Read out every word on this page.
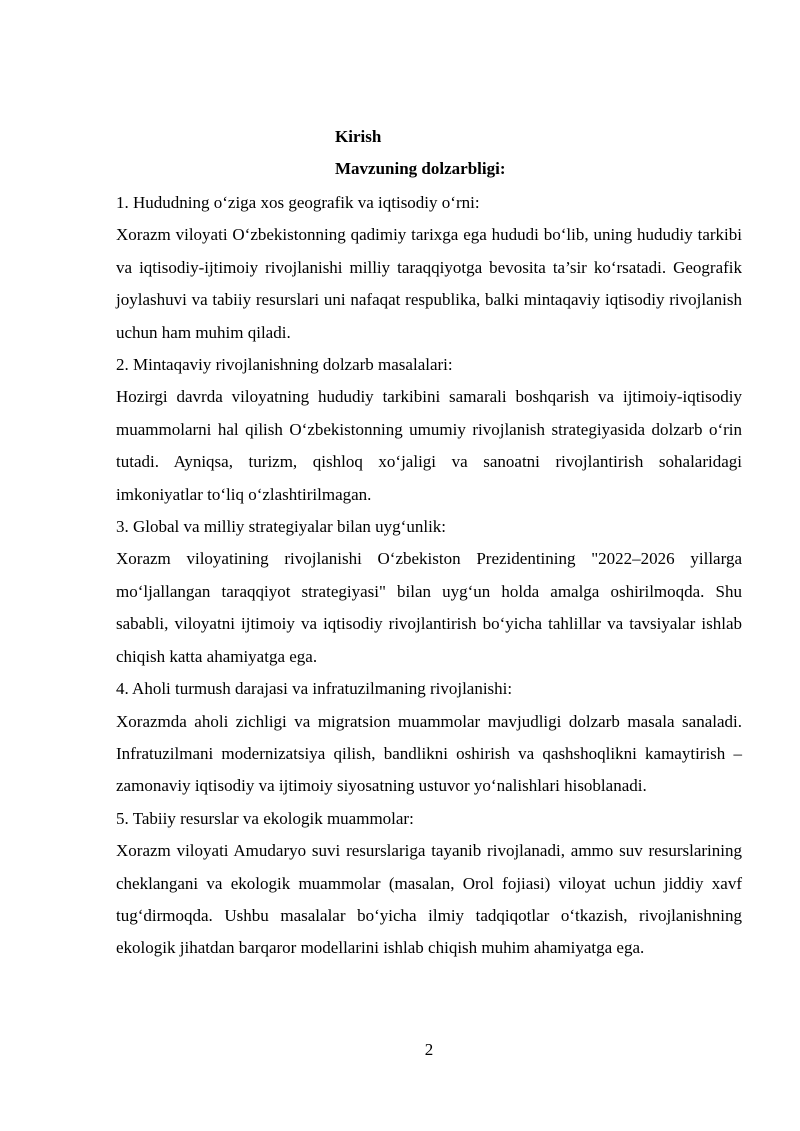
Kirish
Mavzuning dolzarbligi:

1. Hududning o‘ziga xos geografik va iqtisodiy o‘rni:

Xorazm viloyati O‘zbekistonning qadimiy tarixga ega hududi bo‘lib, uning hududiy tarkibi va iqtisodiy-ijtimoiy rivojlanishi milliy taraqqiyotga bevosita ta’sir ko‘rsatadi. Geografik joylashuvi va tabiiy resurslari uni nafaqat respublika, balki mintaqaviy iqtisodiy rivojlanish uchun ham muhim qiladi.

2. Mintaqaviy rivojlanishning dolzarb masalalari:

Hozirgi davrda viloyatning hududiy tarkibini samarali boshqarish va ijtimoiy-iqtisodiy muammolarni hal qilish O‘zbekistonning umumiy rivojlanish strategiyasida dolzarb o‘rin tutadi. Ayniqsa, turizm, qishloq xo‘jaligi va sanoatni rivojlantirish sohalaridagi imkoniyatlar to‘liq o‘zlashtirilmagan.

3. Global va milliy strategiyalar bilan uyg‘unlik:

Xorazm viloyatining rivojlanishi O‘zbekiston Prezidentining "2022–2026 yillarga mo‘ljallangan taraqqiyot strategiyasi" bilan uyg‘un holda amalga oshirilmoqda. Shu sababli, viloyatni ijtimoiy va iqtisodiy rivojlantirish bo‘yicha tahlillar va tavsiyalar ishlab chiqish katta ahamiyatga ega.

4. Aholi turmush darajasi va infratuzilmaning rivojlanishi:

Xorazmda aholi zichligi va migratsion muammolar mavjudligi dolzarb masala sanaladi. Infratuzilmani modernizatsiya qilish, bandlikni oshirish va qashshoqlikni kamaytirish – zamonaviy iqtisodiy va ijtimoiy siyosatning ustuvor yo‘nalishlari hisoblanadi.

5. Tabiiy resurslar va ekologik muammolar:

Xorazm viloyati Amudaryo suvi resurslariga tayanib rivojlanadi, ammo suv resurslarining cheklangani va ekologik muammolar (masalan, Orol fojiasi) viloyat uchun jiddiy xavf tug‘dirmoqda. Ushbu masalalar bo‘yicha ilmiy tadqiqotlar o‘tkazish, rivojlanishning ekologik jihatdan barqaror modellarini ishlab chiqish muhim ahamiyatga ega.

2
